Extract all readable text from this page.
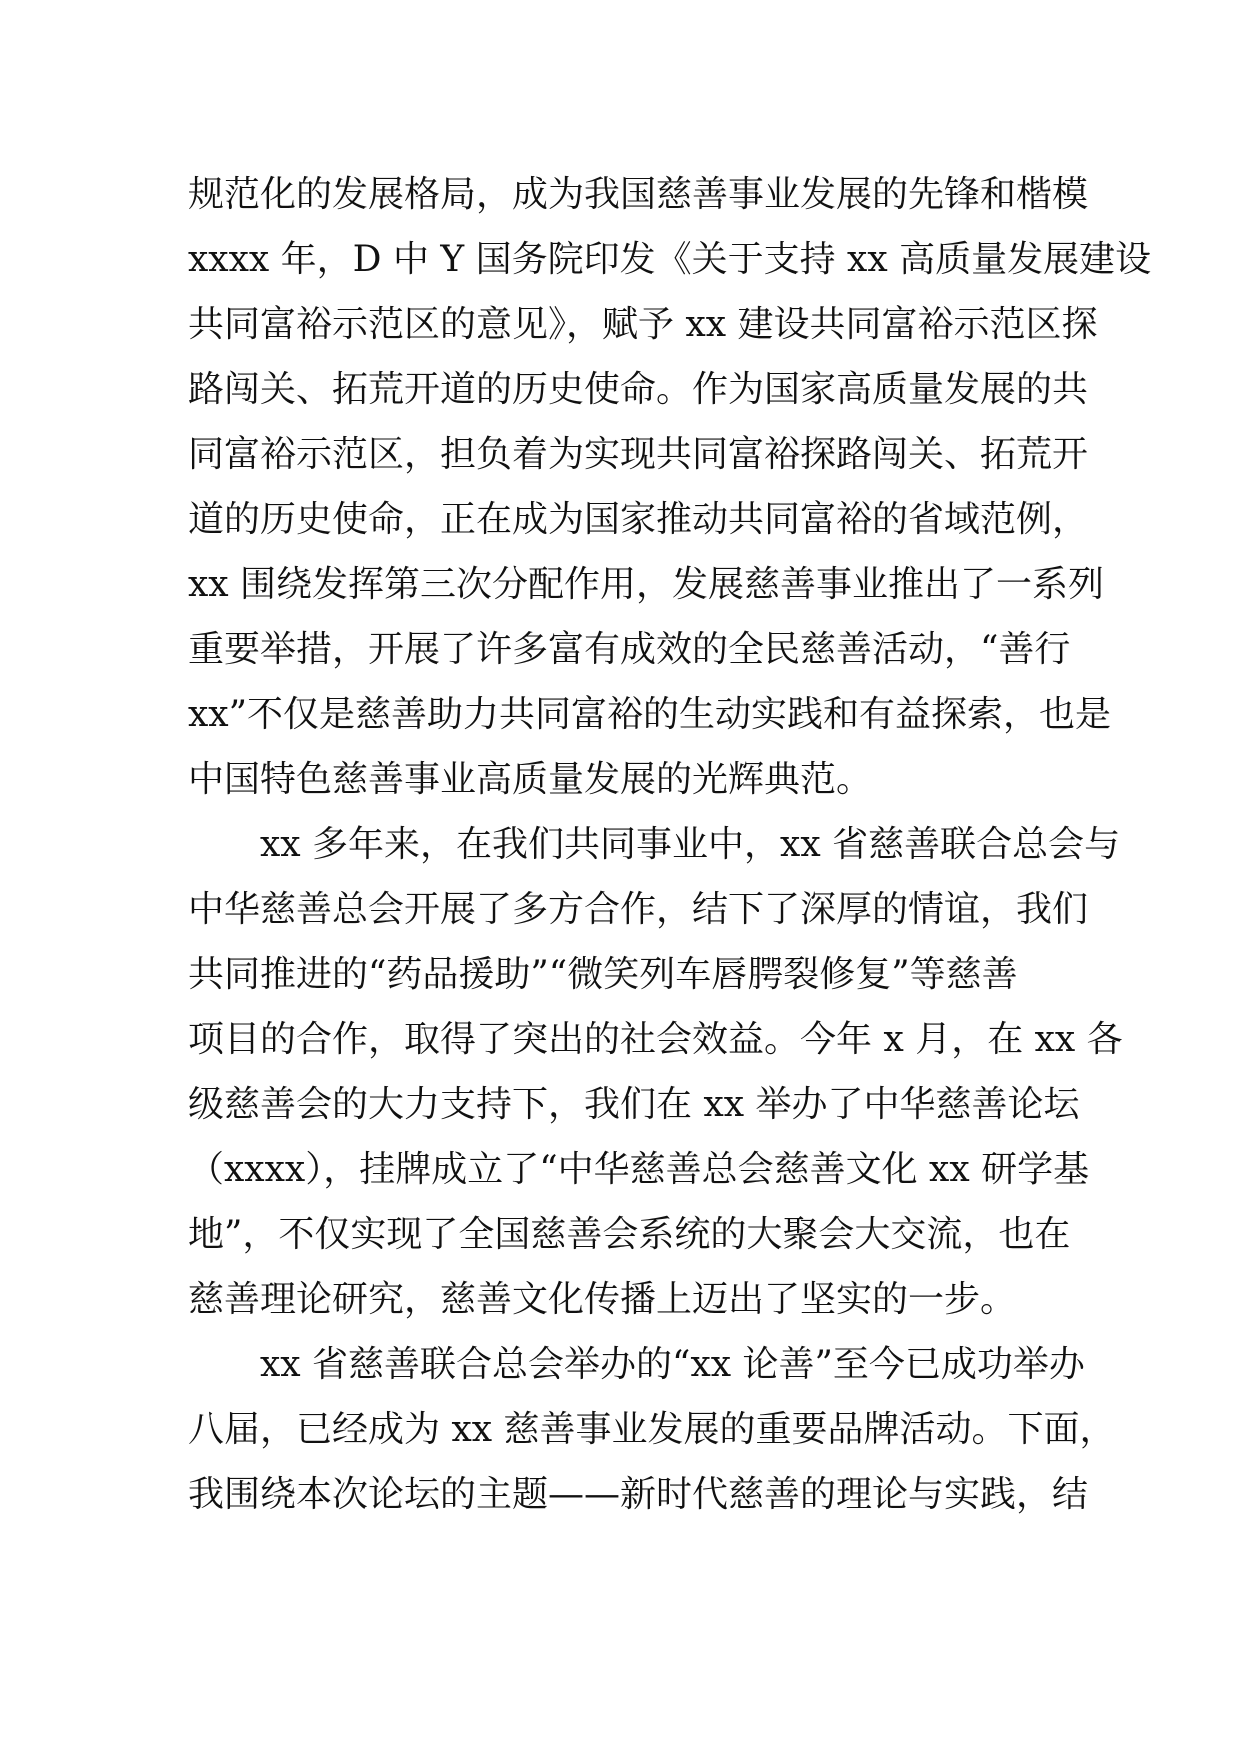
规范化的发展格局，成为我国慈善事业发展的先锋和楷模
xxxx 年，D 中 Y 国务院印发《关于支持 xx 高质量发展建设
共同富裕示范区的意见》，赋予 xx 建设共同富裕示范区探
路闯关、拓荒开道的历史使命。作为国家高质量发展的共
同富裕示范区，担负着为实现共同富裕探路闯关、拓荒开
道的历史使命，正在成为国家推动共同富裕的省域范例，
xx 围绕发挥第三次分配作用，发展慈善事业推出了一系列
重要举措，开展了许多富有成效的全民慈善活动，“善行
xx”不仅是慈善助力共同富裕的生动实践和有益探索，也是
中国特色慈善事业高质量发展的光辉典范。
xx 多年来，在我们共同事业中，xx 省慈善联合总会与
中华慈善总会开展了多方合作，结下了深厚的情谊，我们
共同推进的“药品援助”“微笑列车唇腭裂修复”等慈善
项目的合作，取得了突出的社会效益。今年 x 月，在 xx 各
级慈善会的大力支持下，我们在 xx 举办了中华慈善论坛
（xxxx），挂牌成立了“中华慈善总会慈善文化 xx 研学基
地”，不仅实现了全国慈善会系统的大聚会大交流，也在
慈善理论研究，慈善文化传播上迈出了坚实的一步。
xx 省慈善联合总会举办的“xx 论善”至今已成功举办
八届，已经成为 xx 慈善事业发展的重要品牌活动。下面，
我围绕本次论坛的主题——新时代慈善的理论与实践，结
